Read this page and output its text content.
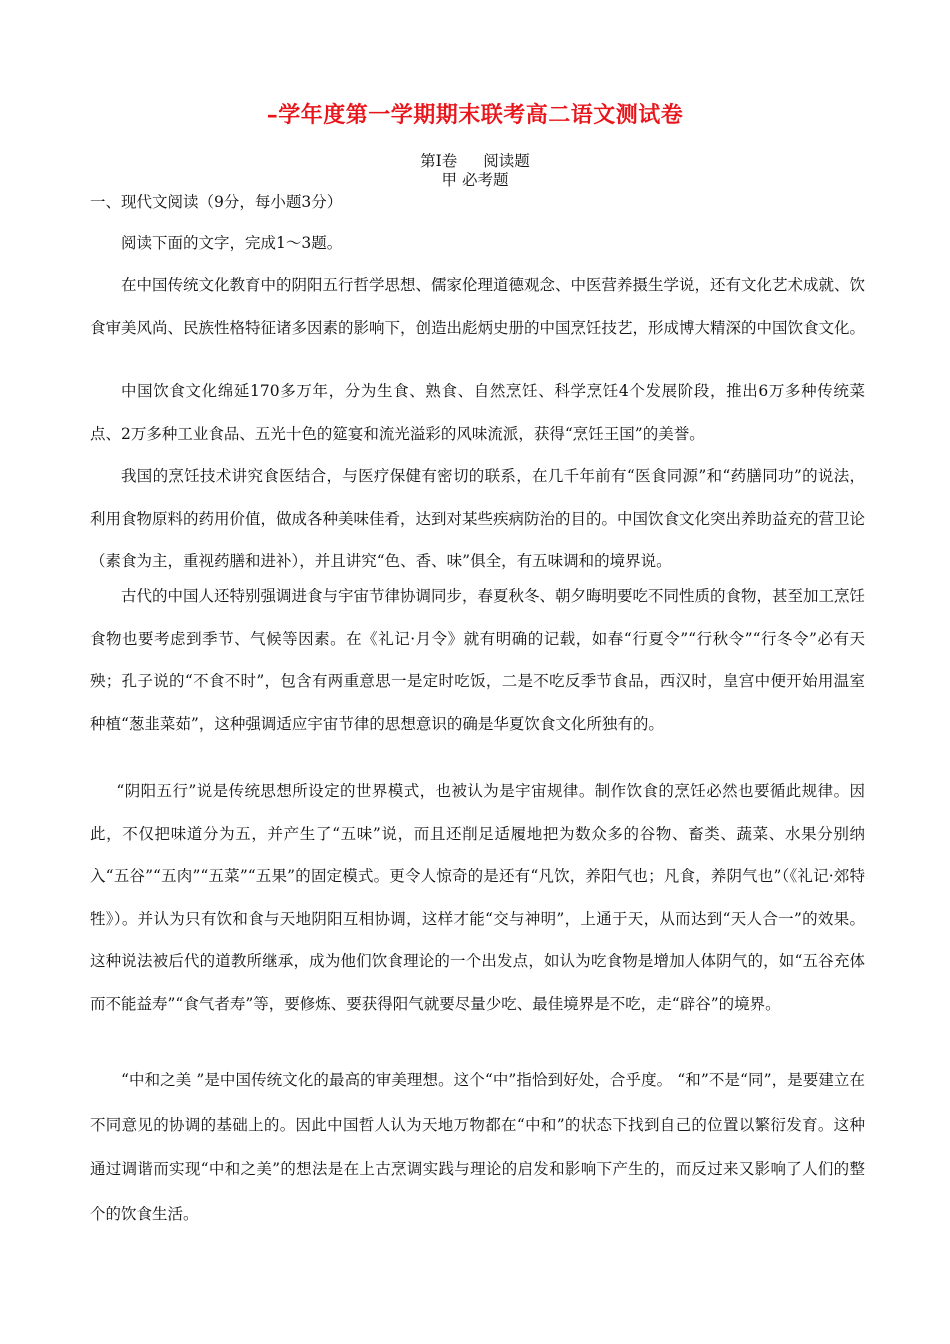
–学年度第一学期期末联考高二语文测试卷
第Ⅰ卷 阅读题
甲 必考题
一、现代文阅读（9分，每小题3分）

阅读下面的文字，完成1～3题。

在中国传统文化教育中的阴阳五行哲学思想、儒家伦理道德观念、中医营养摄生学说，还有文化艺术成就、饮食审美风尚、民族性格特征诸多因素的影响下，创造出彪炳史册的中国烹饪技艺，形成博大精深的中国饮食文化。

中国饮食文化绵延170多万年，分为生食、熟食、自然烹饪、科学烹饪4个发展阶段，推出6万多种传统菜点、2万多种工业食品、五光十色的筵宴和流光溢彩的风味流派，获得“烹饪王国”的美誉。

我国的烹饪技术讲究食医结合，与医疗保健有密切的联系，在几千年前有“医食同源”和“药膳同功”的说法，利用食物原料的药用价值，做成各种美味佳肴，达到对某些疾病防治的目的。中国饮食文化突出养助益充的营卫论（素食为主，重视药膳和进补），并且讲究“色、香、味”俱全，有五味调和的境界说。

古代的中国人还特别强调进食与宇宙节律协调同步，春夏秋冬、朝夕晦明要吃不同性质的食物，甚至加工烹饪食物也要考虑到季节、气候等因素。在《礼记·月令》就有明确的记载，如春“行夏令”“行秋令”“行冬令”必有天殃；孔子说的“不食不时”，包含有两重意思一是定时吃饭，二是不吃反季节食品，西汉时，皇宫中便开始用温室种植“葱韭菜茹”，这种强调适应宇宙节律的思想意识的确是华夏饮食文化所独有的。

“阴阳五行”说是传统思想所设定的世界模式，也被认为是宇宙规律。制作饮食的烹饪必然也要循此规律。因此，不仅把味道分为五，并产生了“五味”说，而且还削足适履地把为数众多的谷物、畜类、蔬菜、水果分别纳入“五谷”“五肉”“五菜”“五果”的固定模式。更令人惊奇的是还有“凡饮，养阳气也；凡食，养阴气也”（《礼记·郊特牲》）。并认为只有饮和食与天地阴阳互相协调，这样才能“交与神明”，上通于天，从而达到“天人合一”的效果。这种说法被后代的道教所继承，成为他们饮食理论的一个出发点，如认为吃食物是增加人体阴气的，如“五谷充体而不能益寿”“食气者寿”等，要修炼、要获得阳气就要尽量少吃、最佳境界是不吃，走“辟谷”的境界。

“中和之美 ”是中国传统文化的最高的审美理想。这个“中”指恰到好处，合乎度。 “和”不是“同”，是要建立在不同意见的协调的基础上的。因此中国哲人认为天地万物都在“中和”的状态下找到自己的位置以繁衍发育。这种通过调谐而实现“中和之美”的想法是在上古烹调实践与理论的启发和影响下产生的，而反过来又影响了人们的整个的饮食生活。
